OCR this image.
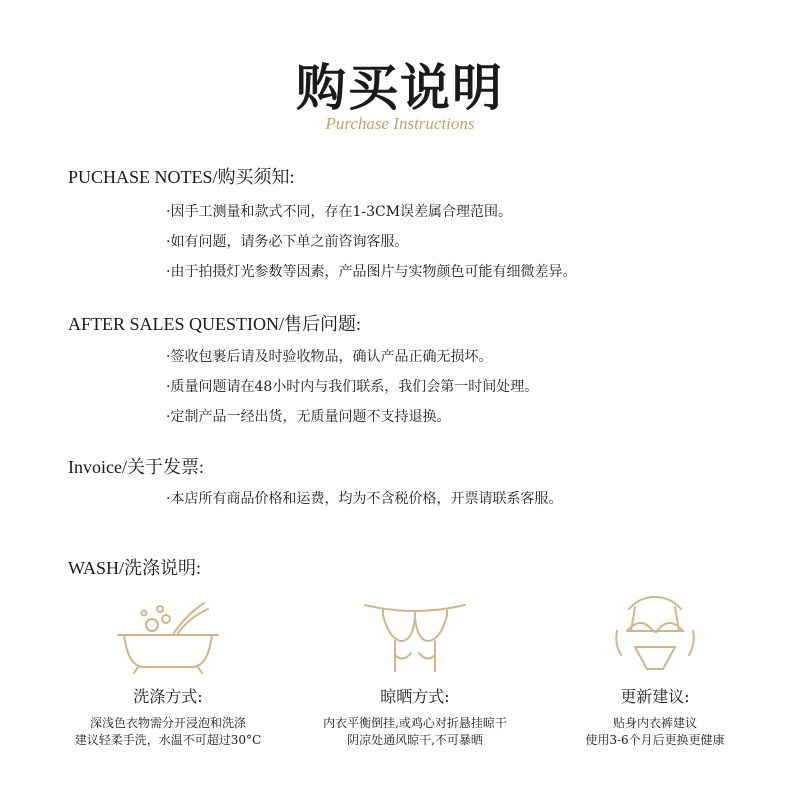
购买说明
Purchase Instructions
PUCHASE NOTES/购买须知:
·因手工测量和款式不同，存在1-3CM误差属合理范围。
·如有问题，请务必下单之前咨询客服。
·由于拍摄灯光参数等因素，产品图片与实物颜色可能有细微差异。
AFTER SALES QUESTION/售后问题:
·签收包裹后请及时验收物品，确认产品正确无损坏。
·质量问题请在48小时内与我们联系，我们会第一时间处理。
·定制产品一经出货，无质量问题不支持退换。
Invoice/关于发票:
·本店所有商品价格和运费，均为不含税价格，开票请联系客服。
WASH/洗涤说明:
洗涤方式:
深浅色衣物需分开浸泡和洗涤
建议轻柔手洗，水温不可超过30°C
晾晒方式:
内衣平衡倒挂,或鸡心对折悬挂晾干
阴凉处通风晾干,不可暴晒
更新建议:
贴身内衣裤建议
使用3-6个月后更换更健康
